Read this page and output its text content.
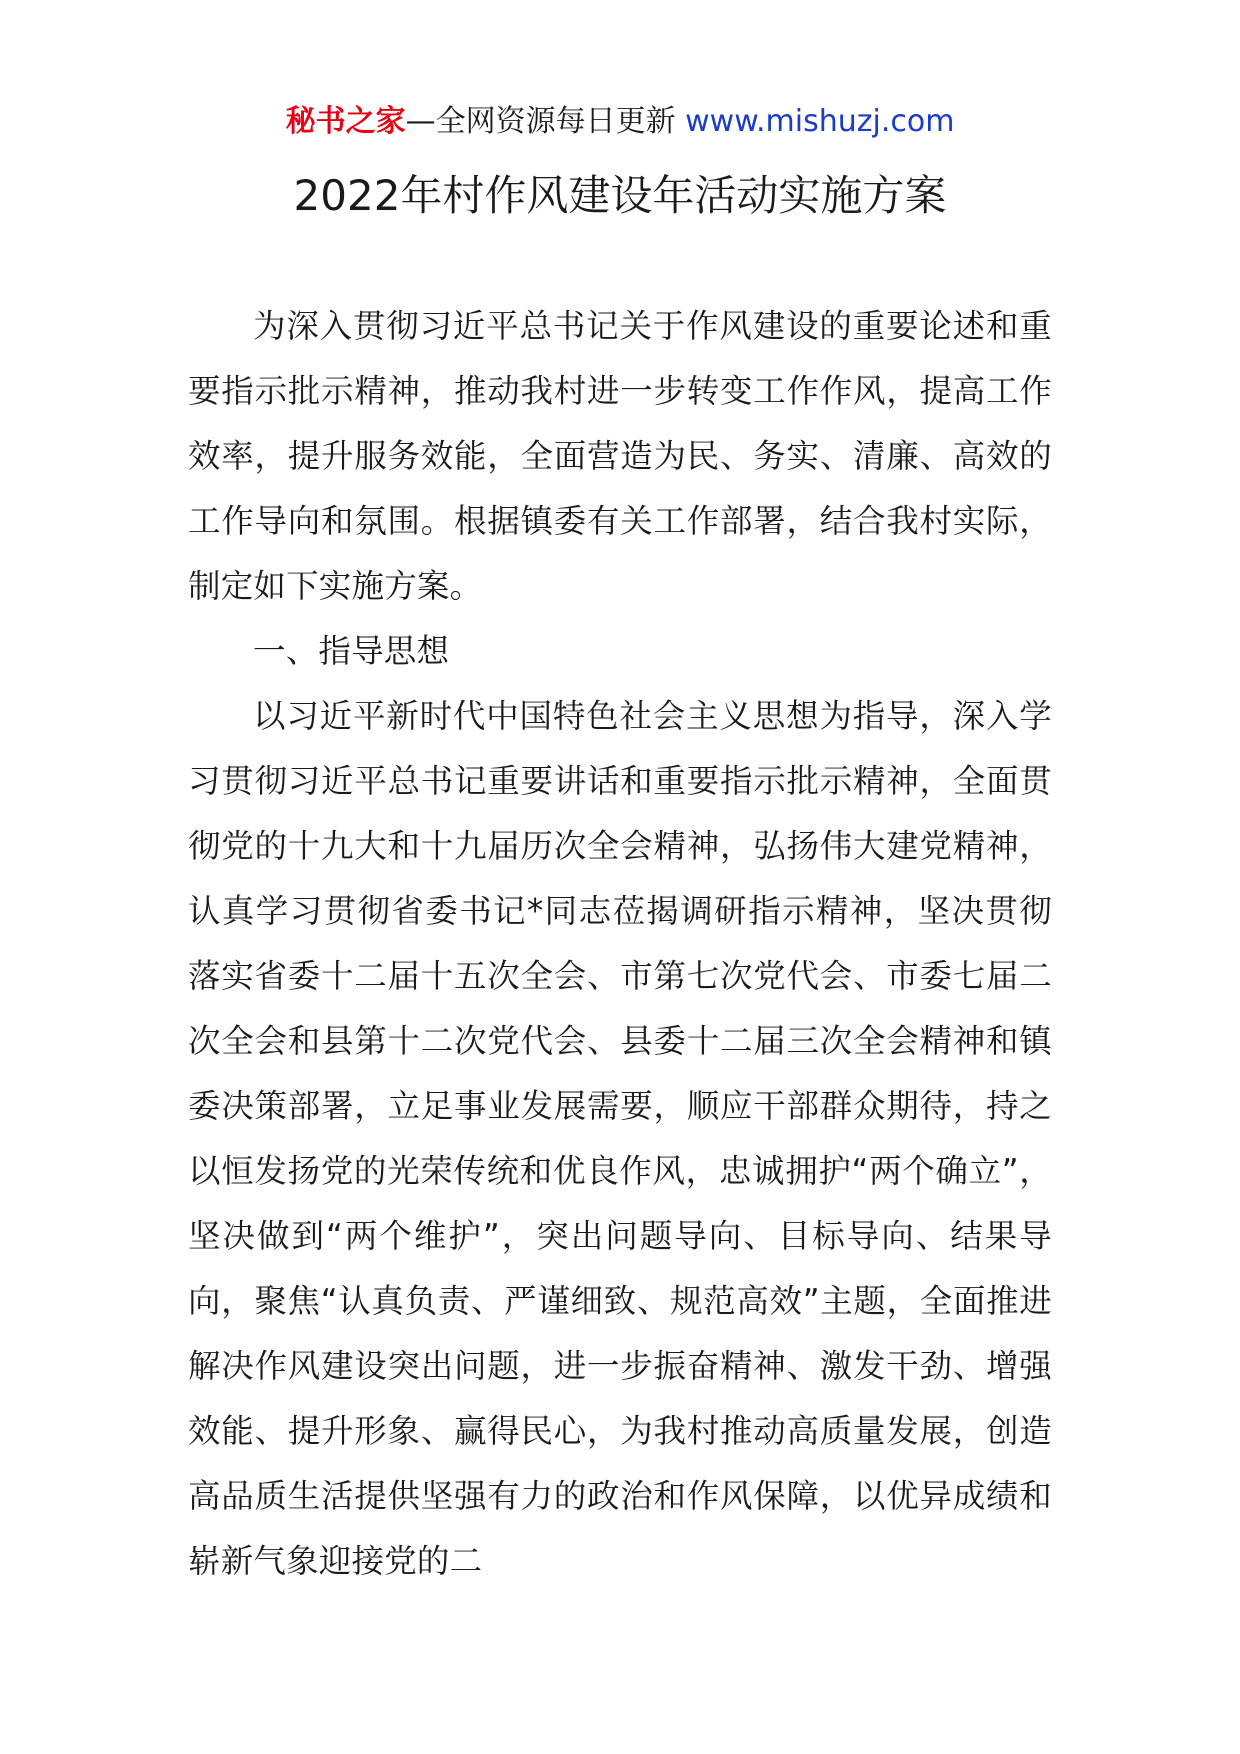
秘书之家—全网资源每日更新 www.mishuzj.com
2022年村作风建设年活动实施方案

为深入贯彻习近平总书记关于作风建设的重要论述和重要指示批示精神，推动我村进一步转变工作作风，提高工作效率，提升服务效能，全面营造为民、务实、清廉、高效的工作导向和氛围。根据镇委有关工作部署，结合我村实际，制定如下实施方案。

一、指导思想

以习近平新时代中国特色社会主义思想为指导，深入学习贯彻习近平总书记重要讲话和重要指示批示精神，全面贯彻党的十九大和十九届历次全会精神，弘扬伟大建党精神，认真学习贯彻省委书记*同志莅揭调研指示精神，坚决贯彻落实省委十二届十五次全会、市第七次党代会、市委七届二次全会和县第十二次党代会、县委十二届三次全会精神和镇委决策部署，立足事业发展需要，顺应干部群众期待，持之以恒发扬党的光荣传统和优良作风，忠诚拥护“两个确立”，坚决做到“两个维护”，突出问题导向、目标导向、结果导向，聚焦“认真负责、严谨细致、规范高效”主题，全面推进解决作风建设突出问题，进一步振奋精神、激发干劲、增强效能、提升形象、赢得民心，为我村推动高质量发展，创造高品质生活提供坚强有力的政治和作风保障，以优异成绩和崭新气象迎接党的二
